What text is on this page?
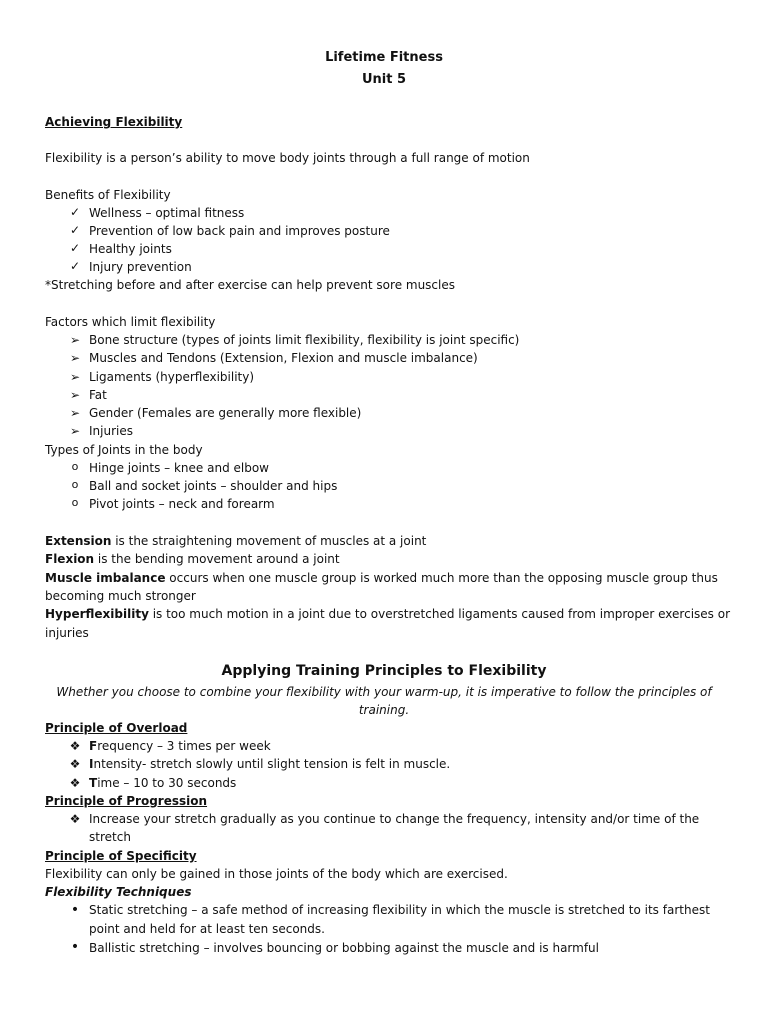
Lifetime Fitness
Unit 5
Achieving Flexibility
Flexibility is a person’s ability to move body joints through a full range of motion
Benefits of Flexibility
✓ Wellness – optimal fitness
✓ Prevention of low back pain and improves posture
✓ Healthy joints
✓ Injury prevention
*Stretching before and after exercise can help prevent sore muscles
Factors which limit flexibility
➢ Bone structure (types of joints limit flexibility, flexibility is joint specific)
➢ Muscles and Tendons (Extension, Flexion and muscle imbalance)
➢ Ligaments (hyperflexibility)
➢ Fat
➢ Gender (Females are generally more flexible)
➢ Injuries
Types of Joints in the body
o Hinge joints – knee and elbow
o Ball and socket joints – shoulder and hips
o Pivot joints – neck and forearm
Extension is the straightening movement of muscles at a joint
Flexion is the bending movement around a joint
Muscle imbalance occurs when one muscle group is worked much more than the opposing muscle group thus
becoming much stronger
Hyperflexibility is too much motion in a joint due to overstretched ligaments caused from improper exercises or
injuries
Applying Training Principles to Flexibility
Whether you choose to combine your flexibility with your warm-up, it is imperative to follow the principles of
training.
Principle of Overload
❖ Frequency – 3 times per week
❖ Intensity- stretch slowly until slight tension is felt in muscle.
❖ Time – 10 to 30 seconds
Principle of Progression
❖ Increase your stretch gradually as you continue to change the frequency, intensity and/or time of the
stretch
Principle of Specificity
Flexibility can only be gained in those joints of the body which are exercised.
Flexibility Techniques
• Static stretching – a safe method of increasing flexibility in which the muscle is stretched to its farthest
point and held for at least ten seconds.
• Ballistic stretching – involves bouncing or bobbing against the muscle and is harmful
